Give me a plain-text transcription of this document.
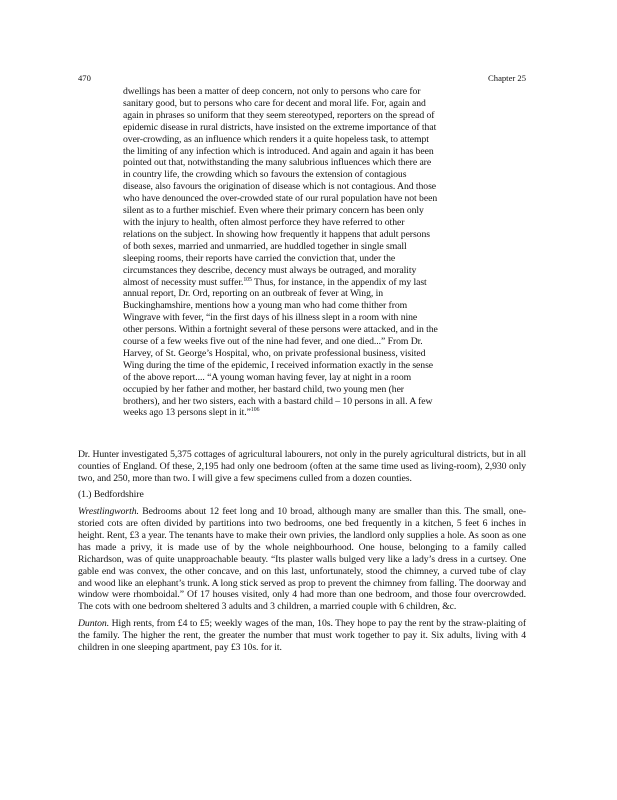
470	Chapter 25
dwellings has been a matter of deep concern, not only to persons who care for
sanitary good, but to persons who care for decent and moral life. For, again and
again in phrases so uniform that they seem stereotyped, reporters on the spread of
epidemic disease in rural districts, have insisted on the extreme importance of that
over-crowding, as an influence which renders it a quite hopeless task, to attempt
the limiting of any infection which is introduced. And again and again it has been
pointed out that, notwithstanding the many salubrious influences which there are
in country life, the crowding which so favours the extension of contagious
disease, also favours the origination of disease which is not contagious. And those
who have denounced the over-crowded state of our rural population have not been
silent as to a further mischief. Even where their primary concern has been only
with the injury to health, often almost perforce they have referred to other
relations on the subject. In showing how frequently it happens that adult persons
of both sexes, married and unmarried, are huddled together in single small
sleeping rooms, their reports have carried the conviction that, under the
circumstances they describe, decency must always be outraged, and morality
almost of necessity must suffer.$^{105}$ Thus, for instance, in the appendix of my last
annual report, Dr. Ord, reporting on an outbreak of fever at Wing, in
Buckinghamshire, mentions how a young man who had come thither from
Wingrave with fever, “in the first days of his illness slept in a room with nine
other persons. Within a fortnight several of these persons were attacked, and in the
course of a few weeks five out of the nine had fever, and one died...” From Dr.
Harvey, of St. George’s Hospital, who, on private professional business, visited
Wing during the time of the epidemic, I received information exactly in the sense
of the above report.... “A young woman having fever, lay at night in a room
occupied by her father and mother, her bastard child, two young men (her
brothers), and her two sisters, each with a bastard child – 10 persons in all. A few
weeks ago 13 persons slept in it.”$^{106}$

Dr. Hunter investigated 5,375 cottages of agricultural labourers, not only in the purely agricultural districts, but in all counties of England. Of these, 2,195 had only one bedroom (often at the same time used as living-room), 2,930 only two, and 250, more than two. I will give a few specimens culled from a dozen counties.

(1.) Bedfordshire

Wrestlingworth. Bedrooms about 12 feet long and 10 broad, although many are smaller than this. The small, one-storied cots are often divided by partitions into two bedrooms, one bed frequently in a kitchen, 5 feet 6 inches in height. Rent, £3 a year. The tenants have to make their own privies, the landlord only supplies a hole. As soon as one has made a privy, it is made use of by the whole neighbourhood. One house, belonging to a family called Richardson, was of quite unapproachable beauty. “Its plaster walls bulged very like a lady’s dress in a curtsey. One gable end was convex, the other concave, and on this last, unfortunately, stood the chimney, a curved tube of clay and wood like an elephant’s trunk. A long stick served as prop to prevent the chimney from falling. The doorway and window were rhomboidal.” Of 17 houses visited, only 4 had more than one bedroom, and those four overcrowded. The cots with one bedroom sheltered 3 adults and 3 children, a married couple with 6 children, &c.

Dunton. High rents, from £4 to £5; weekly wages of the man, 10s. They hope to pay the rent by the straw-plaiting of the family. The higher the rent, the greater the number that must work together to pay it. Six adults, living with 4 children in one sleeping apartment, pay £3 10s. for it.
